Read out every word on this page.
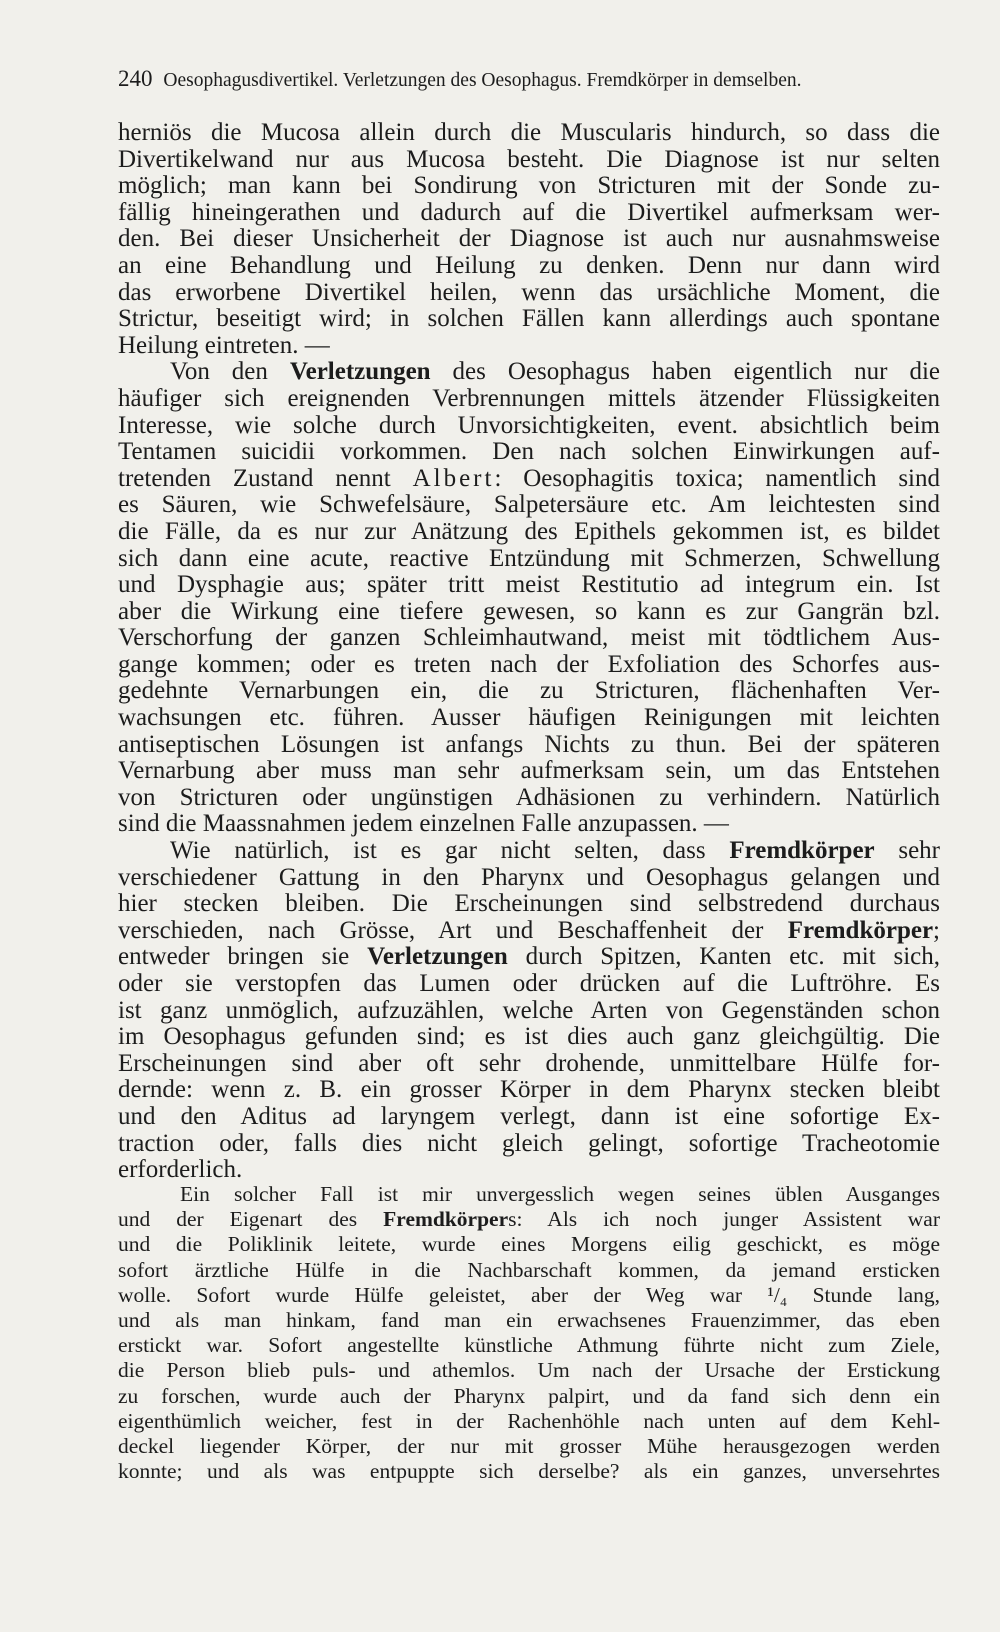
240 Oesophagusdivertikel. Verletzungen des Oesophagus. Fremdkörper in demselben.

herniös die Mucosa allein durch die Muscularis hindurch, so dass die
Divertikelwand nur aus Mucosa besteht. Die Diagnose ist nur selten
möglich; man kann bei Sondirung von Stricturen mit der Sonde zu-
fällig hineingerathen und dadurch auf die Divertikel aufmerksam wer-
den. Bei dieser Unsicherheit der Diagnose ist auch nur ausnahmsweise
an eine Behandlung und Heilung zu denken. Denn nur dann wird
das erworbene Divertikel heilen, wenn das ursächliche Moment, die
Strictur, beseitigt wird; in solchen Fällen kann allerdings auch spontane
Heilung eintreten. —

Von den Verletzungen des Oesophagus haben eigentlich nur die
häufiger sich ereignenden Verbrennungen mittels ätzender Flüssigkeiten
Interesse, wie solche durch Unvorsichtigkeiten, event. absichtlich beim
Tentamen suicidii vorkommen. Den nach solchen Einwirkungen auf-
tretenden Zustand nennt Albert: Oesophagitis toxica; namentlich sind
es Säuren, wie Schwefelsäure, Salpetersäure etc. Am leichtesten sind
die Fälle, da es nur zur Anätzung des Epithels gekommen ist, es bildet
sich dann eine acute, reactive Entzündung mit Schmerzen, Schwellung
und Dysphagie aus; später tritt meist Restitutio ad integrum ein. Ist
aber die Wirkung eine tiefere gewesen, so kann es zur Gangrän bzl.
Verschorfung der ganzen Schleimhautwand, meist mit tödtlichem Aus-
gange kommen; oder es treten nach der Exfoliation des Schorfes aus-
gedehnte Vernarbungen ein, die zu Stricturen, flächenhaften Ver-
wachsungen etc. führen. Ausser häufigen Reinigungen mit leichten
antiseptischen Lösungen ist anfangs Nichts zu thun. Bei der späteren
Vernarbung aber muss man sehr aufmerksam sein, um das Entstehen
von Stricturen oder ungünstigen Adhäsionen zu verhindern. Natürlich
sind die Maassnahmen jedem einzelnen Falle anzupassen. —

Wie natürlich, ist es gar nicht selten, dass Fremdkörper sehr
verschiedener Gattung in den Pharynx und Oesophagus gelangen und
hier stecken bleiben. Die Erscheinungen sind selbstredend durchaus
verschieden, nach Grösse, Art und Beschaffenheit der Fremdkörper;
entweder bringen sie Verletzungen durch Spitzen, Kanten etc. mit sich,
oder sie verstopfen das Lumen oder drücken auf die Luftröhre. Es
ist ganz unmöglich, aufzuzählen, welche Arten von Gegenständen schon
im Oesophagus gefunden sind; es ist dies auch ganz gleichgültig. Die
Erscheinungen sind aber oft sehr drohende, unmittelbare Hülfe for-
dernde: wenn z. B. ein grosser Körper in dem Pharynx stecken bleibt
und den Aditus ad laryngem verlegt, dann ist eine sofortige Ex-
traction oder, falls dies nicht gleich gelingt, sofortige Tracheotomie
erforderlich.

Ein solcher Fall ist mir unvergesslich wegen seines üblen Ausganges
und der Eigenart des Fremdkörpers: Als ich noch junger Assistent war
und die Poliklinik leitete, wurde eines Morgens eilig geschickt, es möge
sofort ärztliche Hülfe in die Nachbarschaft kommen, da jemand ersticken
wolle. Sofort wurde Hülfe geleistet, aber der Weg war ¹/₄ Stunde lang,
und als man hinkam, fand man ein erwachsenes Frauenzimmer, das eben
erstickt war. Sofort angestellte künstliche Athmung führte nicht zum Ziele,
die Person blieb puls- und athemlos. Um nach der Ursache der Erstickung
zu forschen, wurde auch der Pharynx palpirt, und da fand sich denn ein
eigenthümlich weicher, fest in der Rachenhöhle nach unten auf dem Kehl-
deckel liegender Körper, der nur mit grosser Mühe herausgezogen werden
konnte; und als was entpuppte sich derselbe? als ein ganzes, unversehrtes
